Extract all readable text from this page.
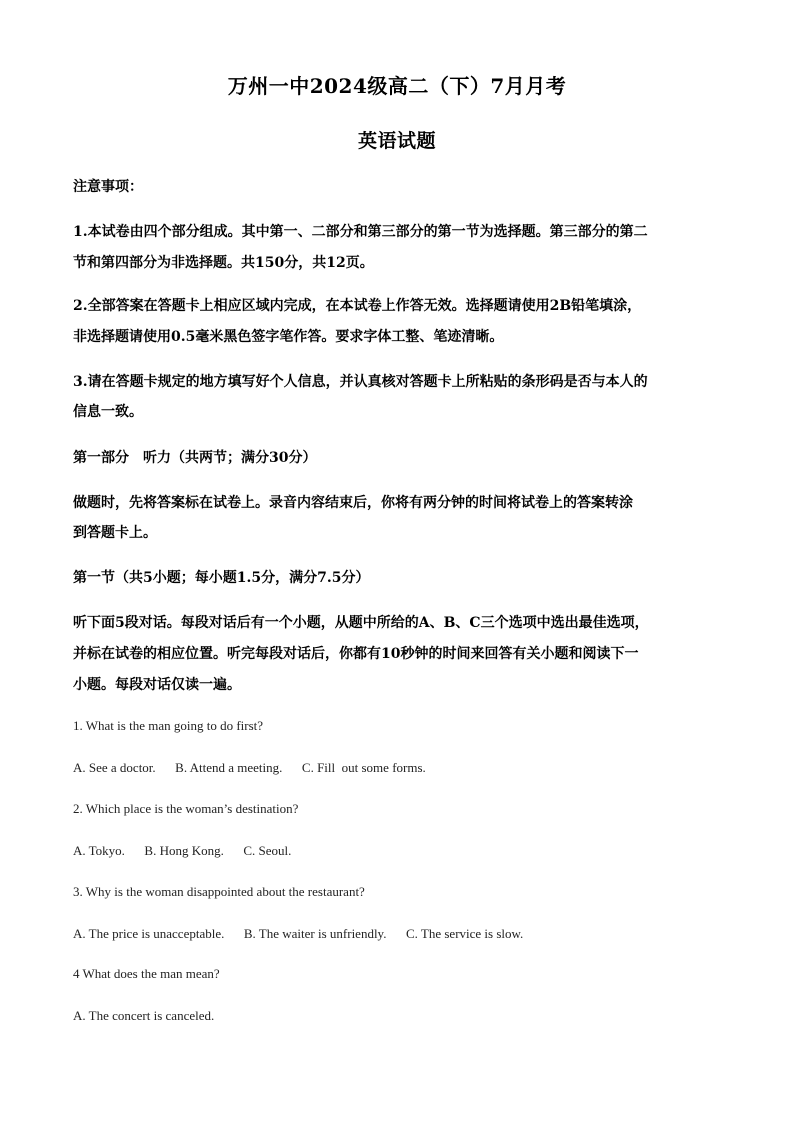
万州一中2024级高二（下）7月月考
英语试题
注意事项：
1.本试卷由四个部分组成。其中第一、二部分和第三部分的第一节为选择题。第三部分的第二
节和第四部分为非选择题。共150分，共12页。
2.全部答案在答题卡上相应区域内完成，在本试卷上作答无效。选择题请使用2B铅笔填涂，
非选择题请使用0.5毫米黑色签字笔作答。要求字体工整、笔迹清晰。
3.请在答题卡规定的地方填写好个人信息，并认真核对答题卡上所粘贴的条形码是否与本人的
信息一致。
第一部分　听力（共两节；满分30分）
做题时，先将答案标在试卷上。录音内容结束后，你将有两分钟的时间将试卷上的答案转涂
到答题卡上。
第一节（共5小题；每小题1.5分，满分7.5分）
听下面5段对话。每段对话后有一个小题，从题中所给的A、B、C三个选项中选出最佳选项，
并标在试卷的相应位置。听完每段对话后，你都有10秒钟的时间来回答有关小题和阅读下一
小题。每段对话仅读一遍。
1. What is the man going to do first?
A. See a doctor.      B. Attend a meeting.      C. Fill  out some forms.
2. Which place is the woman’s destination?
A. Tokyo.      B. Hong Kong.      C. Seoul.
3. Why is the woman disappointed about the restaurant?
A. The price is unacceptable.      B. The waiter is unfriendly.      C. The service is slow.
4 What does the man mean?
A. The concert is canceled.
